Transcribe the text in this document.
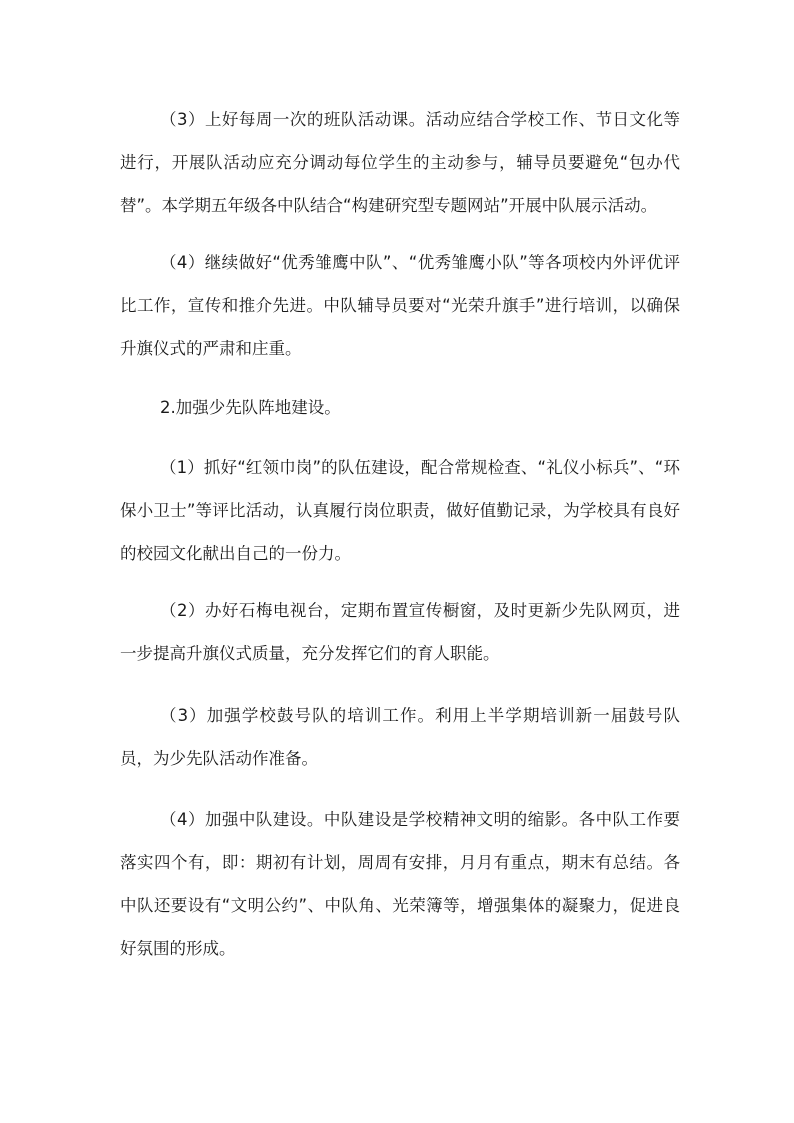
（3）上好每周一次的班队活动课。活动应结合学校工作、节日文化等进行，开展队活动应充分调动每位学生的主动参与，辅导员要避免“包办代替”。本学期五年级各中队结合“构建研究型专题网站”开展中队展示活动。

（4）继续做好“优秀雏鹰中队”、“优秀雏鹰小队”等各项校内外评优评比工作，宣传和推介先进。中队辅导员要对“光荣升旗手”进行培训，以确保升旗仪式的严肃和庄重。

2.加强少先队阵地建设。

（1）抓好“红领巾岗”的队伍建设，配合常规检查、“礼仪小标兵”、“环保小卫士”等评比活动，认真履行岗位职责，做好值勤记录，为学校具有良好的校园文化献出自己的一份力。

（2）办好石梅电视台，定期布置宣传橱窗，及时更新少先队网页，进一步提高升旗仪式质量，充分发挥它们的育人职能。

（3）加强学校鼓号队的培训工作。利用上半学期培训新一届鼓号队员，为少先队活动作准备。

（4）加强中队建设。中队建设是学校精神文明的缩影。各中队工作要落实四个有，即：期初有计划，周周有安排，月月有重点，期末有总结。各中队还要设有“文明公约”、中队角、光荣簿等，增强集体的凝聚力，促进良好氛围的形成。
